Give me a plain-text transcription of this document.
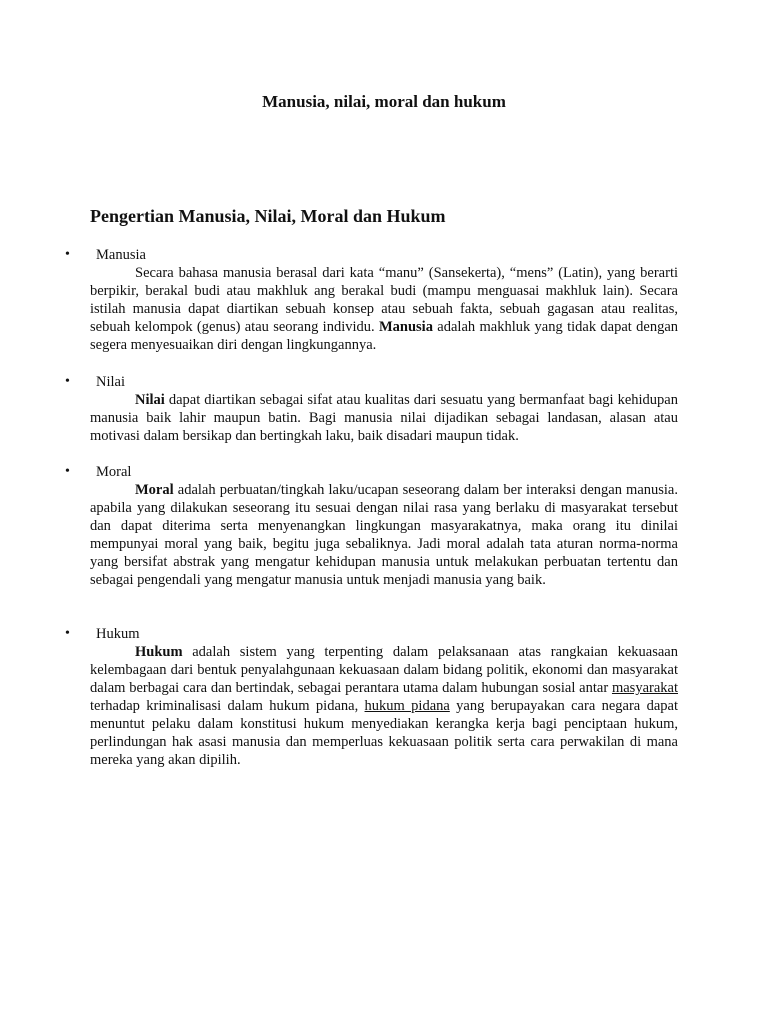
Manusia, nilai, moral dan hukum
Pengertian Manusia, Nilai, Moral dan Hukum
• Manusia

Secara bahasa manusia berasal dari kata “manu” (Sansekerta), “mens” (Latin), yang berarti berpikir, berakal budi atau makhluk ang berakal budi (mampu menguasai makhluk lain). Secara istilah manusia dapat diartikan sebuah konsep atau sebuah fakta, sebuah gagasan atau realitas, sebuah kelompok (genus) atau seorang individu. Manusia adalah makhluk yang tidak dapat dengan segera menyesuaikan diri dengan lingkungannya.

• Nilai

Nilai dapat diartikan sebagai sifat atau kualitas dari sesuatu yang bermanfaat bagi kehidupan manusia baik lahir maupun batin. Bagi manusia nilai dijadikan sebagai landasan, alasan atau motivasi dalam bersikap dan bertingkah laku, baik disadari maupun tidak.

• Moral

Moral adalah perbuatan/tingkah laku/ucapan seseorang dalam ber interaksi dengan manusia. apabila yang dilakukan seseorang itu sesuai dengan nilai rasa yang berlaku di masyarakat tersebut dan dapat diterima serta menyenangkan lingkungan masyarakatnya, maka orang itu dinilai mempunyai moral yang baik, begitu juga sebaliknya. Jadi moral adalah tata aturan norma-norma yang bersifat abstrak yang mengatur kehidupan manusia untuk melakukan perbuatan tertentu dan sebagai pengendali yang mengatur manusia untuk menjadi manusia yang baik.

• Hukum

Hukum adalah sistem yang terpenting dalam pelaksanaan atas rangkaian kekuasaan kelembagaan dari bentuk penyalahgunaan kekuasaan dalam bidang politik, ekonomi dan masyarakat dalam berbagai cara dan bertindak, sebagai perantara utama dalam hubungan sosial antar masyarakat terhadap kriminalisasi dalam hukum pidana, hukum pidana yang berupayakan cara negara dapat menuntut pelaku dalam konstitusi hukum menyediakan kerangka kerja bagi penciptaan hukum, perlindungan hak asasi manusia dan memperluas kekuasaan politik serta cara perwakilan di mana mereka yang akan dipilih.
